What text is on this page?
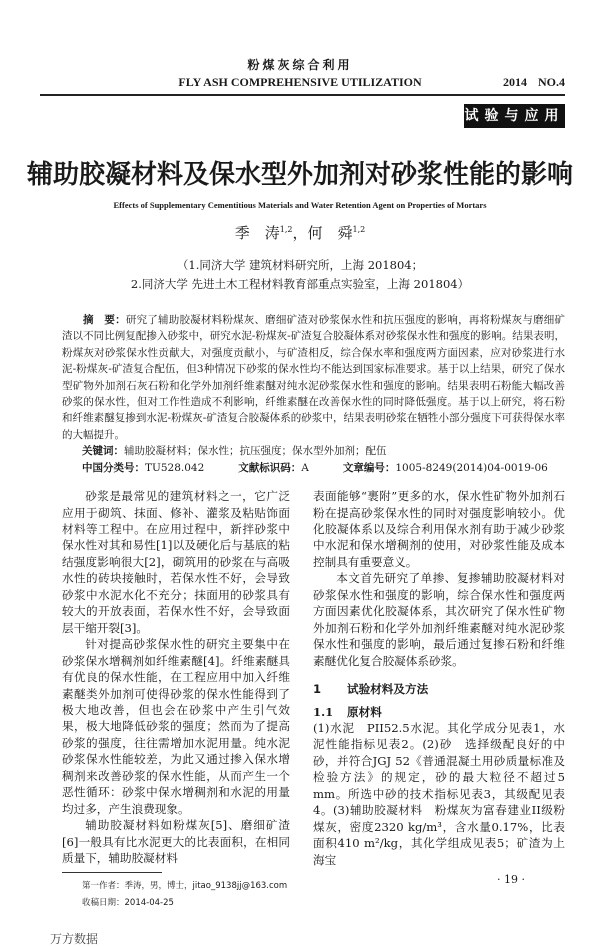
粉煤灰综合利用
FLY ASH COMPREHENSIVE UTILIZATION	2014 NO.4
试验与应用
辅助胶凝材料及保水型外加剂对砂浆性能的影响
Effects of Supplementary Cementitious Materials and Water Retention Agent on Properties of Mortars
季　涛$^{1,2}$，何　舜$^{1,2}$
（1.同济大学 建筑材料研究所，上海 201804；
2.同济大学 先进土木工程材料教育部重点实验室，上海 201804）
摘　要：研究了辅助胶凝材料粉煤灰、磨细矿渣对砂浆保水性和抗压强度的影响，再将粉煤灰与磨细矿渣以不同比例复配掺入砂浆中，研究水泥-粉煤灰-矿渣复合胶凝体系对砂浆保水性和强度的影响。结果表明，粉煤灰对砂浆保水性贡献大，对强度贡献小，与矿渣相反，综合保水率和强度两方面因素，应对砂浆进行水泥-粉煤灰-矿渣复合配伍，但3种情况下砂浆的保水性均不能达到国家标准要求。基于以上结果，研究了保水型矿物外加剂石灰石粉和化学外加剂纤维素醚对纯水泥砂浆保水性和强度的影响。结果表明石粉能大幅改善砂浆的保水性，但对工作性造成不利影响，纤维素醚在改善保水性的同时降低强度。基于以上研究，将石粉和纤维素醚复掺到水泥-粉煤灰-矿渣复合胶凝体系的砂浆中，结果表明砂浆在牺牲小部分强度下可获得保水率的大幅提升。
关键词：辅助胶凝材料；保水性；抗压强度；保水型外加剂；配伍
中国分类号：TU528.042	文献标识码：A	文章编号：1005-8249(2014)04-0019-06

砂浆是最常见的建筑材料之一，它广泛应用于砌筑、抹面、修补、灌浆及粘贴饰面材料等工程中。在应用过程中，新拌砂浆中保水性对其和易性[1]以及硬化后与基底的粘结强度影响很大[2]，砌筑用的砂浆在与高吸水性的砖块接触时，若保水性不好，会导致砂浆中水泥水化不充分；抹面用的砂浆具有较大的开放表面，若保水性不好，会导致面层干缩开裂[3]。

针对提高砂浆保水性的研究主要集中在砂浆保水增稠剂如纤维素醚[4]。纤维素醚具有优良的保水性能，在工程应用中加入纤维素醚类外加剂可使得砂浆的保水性能得到了极大地改善，但也会在砂浆中产生引气效果，极大地降低砂浆的强度；然而为了提高砂浆的强度，往往需增加水泥用量。纯水泥砂浆保水性能较差，为此又通过掺入保水增稠剂来改善砂浆的保水性能，从而产生一个恶性循环：砂浆中保水增稠剂和水泥的用量均过多，产生浪费现象。

辅助胶凝材料如粉煤灰[5]、磨细矿渣[6]一般具有比水泥更大的比表面积，在相同质量下，辅助胶凝材料

第一作者：季涛，男，博士，jitao_9138jj@163.com
收稿日期：2014-04-25

表面能够“裹附”更多的水，保水性矿物外加剂石粉在提高砂浆保水性的同时对强度影响较小。优化胶凝体系以及综合利用保水剂有助于减少砂浆中水泥和保水增稠剂的使用，对砂浆性能及成本控制具有重要意义。

本文首先研究了单掺、复掺辅助胶凝材料对砂浆保水性和强度的影响，综合保水性和强度两方面因素优化胶凝体系，其次研究了保水性矿物外加剂石粉和化学外加剂纤维素醚对纯水泥砂浆保水性和强度的影响，最后通过复掺石粉和纤维素醚优化复合胶凝体系砂浆。

1 试验材料及方法
1.1 原材料

(1)水泥　PII52.5水泥。其化学成分见表1，水泥性能指标见表2。(2)砂　选择级配良好的中砂，并符合JGJ 52《普通混凝土用砂质量标准及检验方法》的规定，砂的最大粒径不超过5 mm。所选中砂的技术指标见表3，其级配见表4。(3)辅助胶凝材料　粉煤灰为富春建业II级粉煤灰，密度2320 kg/m³，含水量0.17%，比表面积410 m²/kg，其化学组成见表5；矿渣为上海宝

· 19 ·
万方数据
